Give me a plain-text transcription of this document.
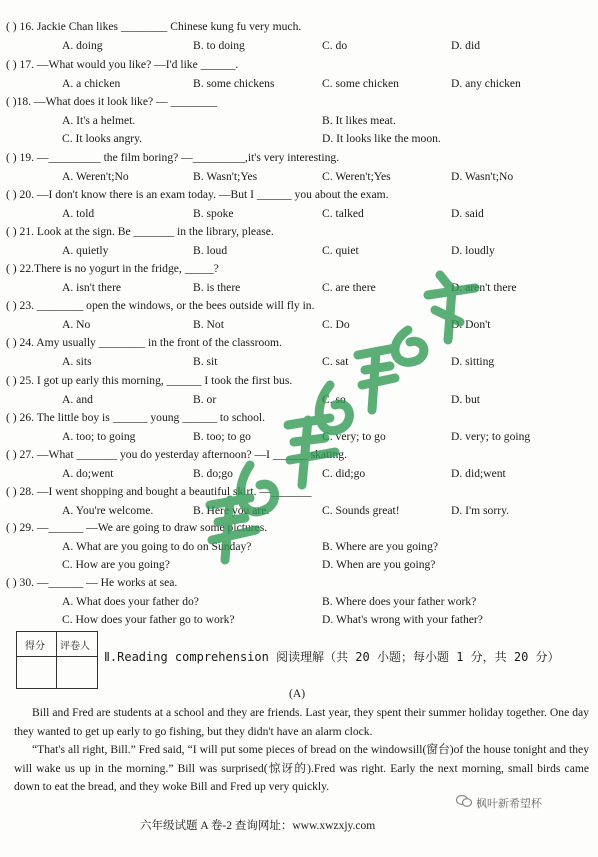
( ) 16. Jackie Chan likes ________ Chinese kung fu very much.
A. doing	B. to doing	C. do	D. did
( ) 17. —What would you like? —I'd like ______.
A. a chicken	B. some chickens	C. some chicken	D. any chicken
( )18. —What does it look like? — ________
A. It's a helmet.	B. It likes meat.
C. It looks angry.	D. It looks like the moon.
( ) 19. —_________ the film boring? —_________,it's very interesting.
A. Weren't;No	B. Wasn't;Yes	C. Weren't;Yes	D. Wasn't;No
( ) 20. —I don't know there is an exam today. —But I ______ you about the exam.
A. told	B. spoke	C. talked	D. said
( ) 21. Look at the sign. Be _______ in the library, please.
A. quietly	B. loud	C. quiet	D. loudly
( ) 22.There is no yogurt in the fridge, _____?
A. isn't there	B. is there	C. are there	D. aren't there
( ) 23. ________ open the windows, or the bees outside will fly in.
A. No	B. Not	C. Do	D. Don't
( ) 24. Amy usually ________ in the front of the classroom.
A. sits	B. sit	C. sat	D. sitting
( ) 25. I got up early this morning, ______ I took the first bus.
A. and	B. or	C. so	D. but
( ) 26. The little boy is ______ young ______ to school.
A. too; to going	B. too; to go	C. very; to go	D. very; to going
( ) 27. —What _______ you do yesterday afternoon? —I ______ skating.
A. do;went	B. do;go	C. did;go	D. did;went
( ) 28. —I went shopping and bought a beautiful skirt. —_______
A. You're welcome.	B. Here you are.	C. Sounds great!	D. I'm sorry.
( ) 29. —______ —We are going to draw some pictures.
A. What are you going to do on Sunday?	B. Where are you going?
C. How are you going?	D. When are you going?
( ) 30. —______ — He works at sea.
A. What does your father do?	B. Where does your father work?
C. How does your father go to work?	D. What's wrong with your father?
得分 评卷人
Ⅱ.Reading comprehension 阅读理解（共 20 小题；每小题 1 分，共 20 分）
(A)
Bill and Fred are students at a school and they are friends. Last year, they spent their summer holiday together. One day they wanted to get up early to go fishing, but they didn't have an alarm clock.
“That's all right, Bill.” Fred said, “I will put some pieces of bread on the windowsill(窗台)of the house tonight and they will wake us up in the morning.” Bill was surprised(惊讶的).Fred was right. Early the next morning, small birds came down to eat the bread, and they woke Bill and Fred up very quickly.
六年级试题 A 卷-2 查询网址：www.xwzxjy.com
枫叶新希望杯
